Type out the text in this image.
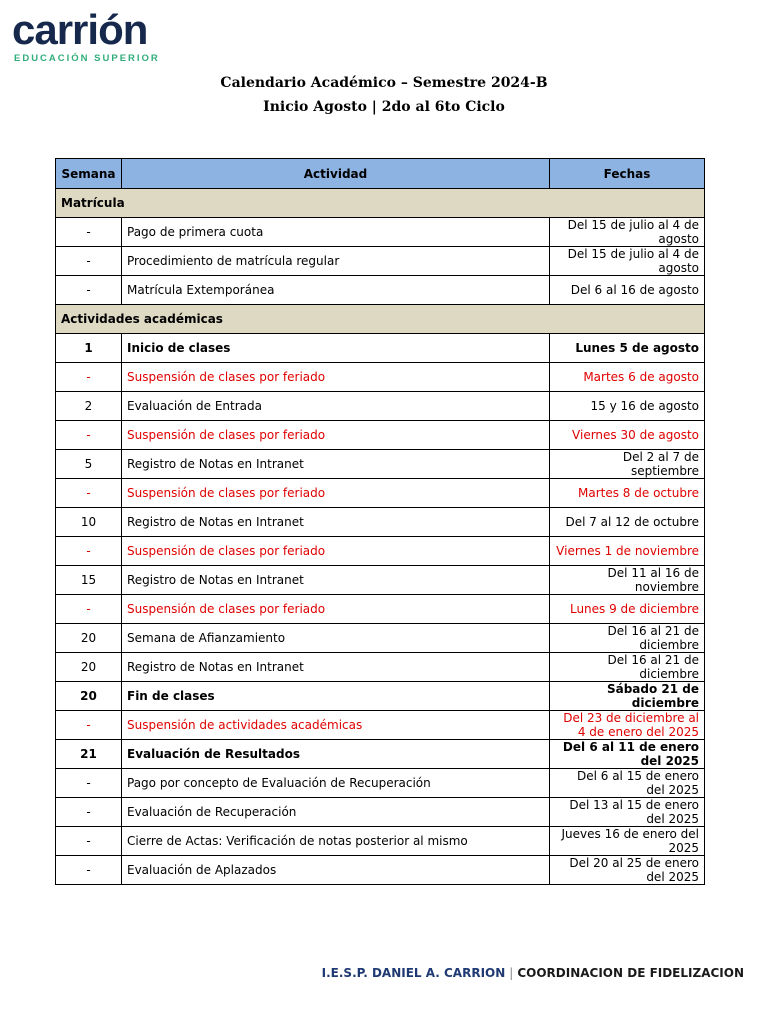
carrión
EDUCACIÓN SUPERIOR
Calendario Académico – Semestre 2024-B
Inicio Agosto | 2do al 6to Ciclo
Semana	Actividad	Fechas
Matrícula		
-	Pago de primera cuota	Del 15 de julio al 4 de agosto
-	Procedimiento de matrícula regular	Del 15 de julio al 4 de agosto
-	Matrícula Extemporánea	Del 6 al 16 de agosto
Actividades académicas		
1	Inicio de clases	Lunes 5 de agosto
-	Suspensión de clases por feriado	Martes 6 de agosto
2	Evaluación de Entrada	15 y 16 de agosto
-	Suspensión de clases por feriado	Viernes 30 de agosto
5	Registro de Notas en Intranet	Del 2 al 7 de septiembre
-	Suspensión de clases por feriado	Martes 8 de octubre
10	Registro de Notas en Intranet	Del 7 al 12 de octubre
-	Suspensión de clases por feriado	Viernes 1 de noviembre
15	Registro de Notas en Intranet	Del 11 al 16 de noviembre
-	Suspensión de clases por feriado	Lunes 9 de diciembre
20	Semana de Afianzamiento	Del 16 al 21 de diciembre
20	Registro de Notas en Intranet	Del 16 al 21 de diciembre
20	Fin de clases	Sábado 21 de diciembre
-	Suspensión de actividades académicas	Del 23 de diciembre al 4 de enero del 2025
21	Evaluación de Resultados	Del 6 al 11 de enero del 2025
-	Pago por concepto de Evaluación de Recuperación	Del 6 al 15 de enero del 2025
-	Evaluación de Recuperación	Del 13 al 15 de enero del 2025
-	Cierre de Actas: Verificación de notas posterior al mismo	Jueves 16 de enero del 2025
-	Evaluación de Aplazados	Del 20 al 25 de enero del 2025
I.E.S.P. DANIEL A. CARRION | COORDINACION DE FIDELIZACION
